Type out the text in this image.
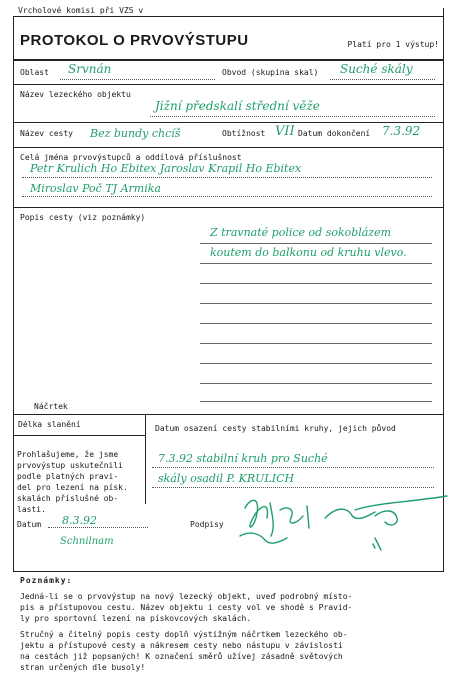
Vrcholové komisi při VZS v
PROTOKOL O PRVOVÝSTUPU	Platí pro 1 výstup!
Oblast Srvnán	Obvod (skupina skal) Suché skály
Název lezeckého objektu
Jižní předskalí střední věže
Název cesty Bez bundy chcíš	Obtížnost VII Datum dokončení 7.3.92
Celá jména prvovýstupců a oddílová příslušnost
Petr Krulich Ho Ebitex Jaroslav Krapil Ho Ebitex
Miroslav Poč TJ Armika
Popis cesty (viz poznámky)
Z travnaté police od sokoblázem
koutem do balkonu od kruhu vlevo.
Náčrtek
Délka slanění	Datum osazení cesty stabilními kruhy, jejich původ
7.3.92 stabilní kruh pro Suché
skály osadil P. KRULICH
Prohlašujeme, že jsme
prvovýstup uskutečnili
podle platných pravi-
del pro lezení na písk.
skalách příslušné ob-
lasti.
Datum 8.3.92	Podpisy
Schnilnam
Poznámky:
Jedná-li se o prvovýstup na nový lezecký objekt, uveď podrobný místo-
pis a přístupovou cestu. Název objektu i cesty vol ve shodě s Pravid-
ly pro sportovní lezení na pískovcových skalách.
Stručný a čitelný popis cesty doplň výstižným náčrtkem lezeckého ob-
jektu a přístupové cesty a nákresem cesty nebo nástupu v závislosti
na cestách již popsaných! K označení směrů užívej zásadně světových
stran určených dle busoly!
